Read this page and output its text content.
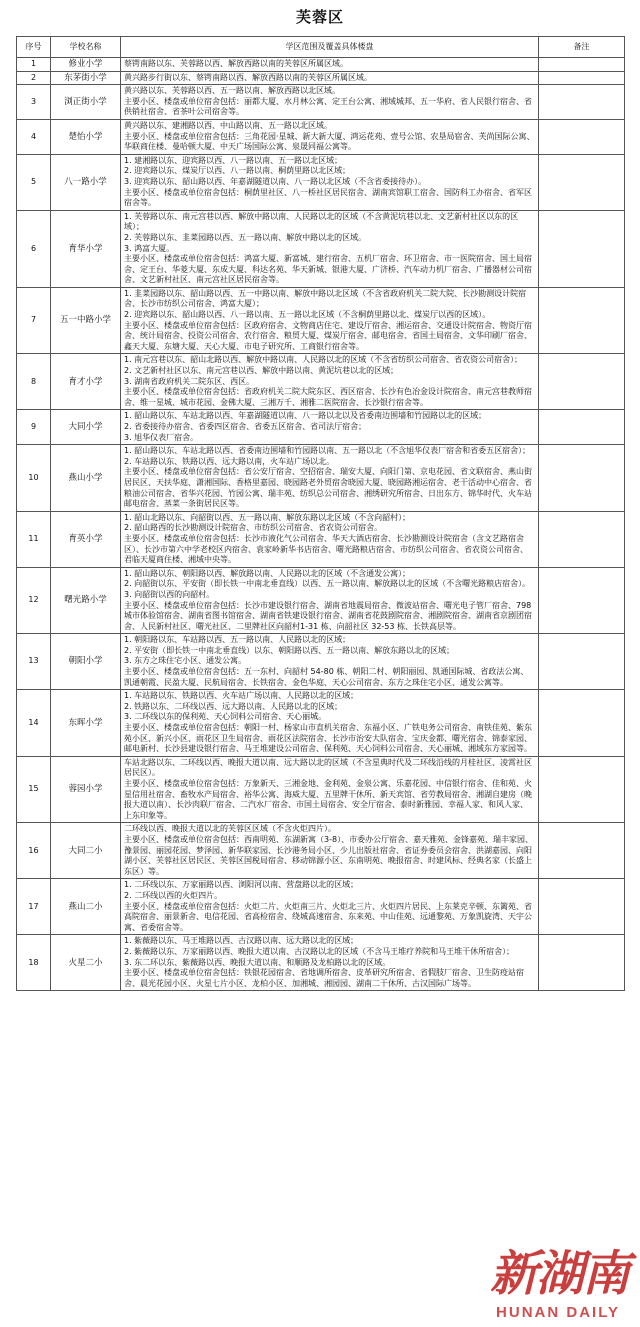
芙蓉区
序号	学校名称	学区范围及覆盖具体楼盘	备注
1	修业小学	蔡锷南路以东、芙蓉路以西、解放西路以南的芙蓉区所属区域。	

2	东茅街小学	黄兴路步行街以东、蔡锷南路以西、解放西路以南的芙蓉区所属区域。	

3	浏正街小学	黄兴路以东、芙蓉路以西、五一路以南、解放西路以北区域。
主要小区、楼盘或单位宿舍包括：丽都大厦、水月林公寓、定王台公寓、湘域城邦、五一华府、省人民银行宿舍、省供销社宿舍、省茶叶公司宿舍等。	

4	楚怡小学	黄兴路以东、建湘路以西、中山路以南、五一路以北区域。
主要小区、楼盘或单位宿舍包括：三角花园·星城、新大新大厦、鸿运花苑、壹号公馆、农垦局宿舍、芙尚国际公寓、华联商住楼、曼哈顿大厦、中天广场国际公寓、泉晟同福公寓等。	

5	八一路小学	1. 建湘路以东、迎宾路以西、八一路以南、五一路以北区域；
2. 迎宾路以东、煤炭厅以西、八一路以南、桐荫里路以北区域；
3. 迎宾路以东、韶山路以西、年嘉湖隧道以南、八一路以北区域（不含省委接待办）。
主要小区、楼盘或单位宿舍包括：桐荫里社区、八一桥社区居民宿舍、湖南宾馆职工宿舍、国防科工办宿舍、省军区宿舍等。	

6	育华小学	1. 芙蓉路以东、南元宫巷以西、解放中路以南、人民路以北的区域（不含黄泥坑巷以北、文艺新村社区以东的区域）；
2. 芙蓉路以东、韭菜园路以西、五一路以南、解放中路以北的区域。
3. 鸿富大厦。
主要小区、楼盘或单位宿舍包括：鸿富大厦、新富城、建行宿舍、五机厂宿舍、环卫宿舍、市一医院宿舍、国土局宿舍、定王台、华菱大厦、东成大厦、科达名苑、华天新城、银港大厦、广济桥、汽车动力机厂宿舍、广播器材公司宿舍、文艺新村社区、南元宫社区居民宿舍等。	

7	五一中路小学	1. 韭菜园路以东、韶山路以西、五一中路以南、解放中路以北区域（不含省政府机关二院大院、长沙勘测设计院宿舍、长沙市纺织公司宿舍、鸿富大厦）；
2. 迎宾路以东、韶山路以西、八一路以南、五一路以北区域（不含桐荫里路以北、煤炭厅以西的区域）。
主要小区、楼盘或单位宿舍包括：区政府宿舍、文物商店住宅、建设厅宿舍、湘运宿舍、交通设计院宿舍、物资厅宿舍、统计局宿舍、投资公司宿舍、农行宿舍、粮贸大厦、煤炭厅宿舍、邮电宿舍、省国土局宿舍、文华印刷厂宿舍、鑫天大厦、东塘大厦、天心大厦、市电子研究所、工商银行宿舍等。	

8	育才小学	1. 南元宫巷以东、韶山北路以西、解放中路以南、人民路以北的区域（不含省纺织公司宿舍、省农资公司宿舍）；
2. 文艺新村社区以东、南元宫巷以西、解放中路以南、黄泥坑巷以北的区域；
3. 湖南省政府机关二院东区、西区。
主要小区、楼盘或单位宿舍包括：省政府机关二院大院东区、西区宿舍、长沙有色冶金设计院宿舍、南元宫巷教师宿舍、维一星城、城市花园、金佛大厦、三湘万千、湘雅二医院宿舍、长沙银行宿舍等。	

9	大同小学	1. 韶山路以东、车站北路以西、年嘉湖隧道以南、八一路以北以及省委南边围墙和竹园路以北的区域；
2. 省委接待办宿舍、省委四区宿舍、省委五区宿舍、省司法厅宿舍；
3. 旭华仪表厂宿舍。	

10	燕山小学	1. 韶山路以东、车站北路以西、省委南边围墙和竹园路以南、五一路以北（不含旭华仪表厂宿舍和省委五区宿舍）；
2. 车站路以东、铁路以西、远大路以南，火车站广场以北。
主要小区、楼盘或单位宿舍包括：省公安厅宿舍、空招宿舍、瑞安大厦、向阳门第、京电花园、省文联宿舍、燕山街居民区、天扶华庭、潇湘国际、香格里嘉园、晓园路老外贸宿舍晓园大厦、晓园路湘运宿舍、老干活动中心宿舍、省粮油公司宿舍、省华兴花园、竹园公寓、瑞丰苑、纺织总公司宿舍、湘绣研究所宿舍、日出东方、锦华时代、火车站邮电宿舍、蒸菜一条街居民区等。	

11	育英小学	1. 韶山北路以东、向韶街以西、五一路以南、解放东路以北区域（不含向韶村）；
2. 韶山路西的长沙勘测设计院宿舍、市纺织公司宿舍、省农资公司宿舍。
主要小区、楼盘或单位宿舍包括：长沙市液化气公司宿舍、华天大酒店宿舍、长沙勘测设计院宿舍（含文艺路宿舍区）、长沙市第六中学老校区内宿舍、袁家岭新华书店宿舍、曙光路粮店宿舍、市纺织公司宿舍、省农资公司宿舍、君临天厦商住楼、湘域中央等。	

12	曙光路小学	1. 韶山路以东、朝阳路以西、解放路以南、人民路以北的区域（不含通发公寓）；
2. 向韶街以东、平安街（即长铁一中南北垂直线）以西、五一路以南、解放路以北的区域（不含曙光路粮店宿舍）。
3. 向韶街以西的向韶村。
主要小区、楼盘或单位宿舍包括：长沙市建设银行宿舍、湖南省地震局宿舍、微波站宿舍、曙光电子管厂宿舍、798 城市体验馆宿舍、湖南省图书馆宿舍、湖南省铁建设银行宿舍、湖南省花鼓剧院宿舍、湘剧院宿舍、湖南省京剧团宿舍、人民新村社区、曙光社区、二里牌社区向韶村1-31 栋、向韶社区 32-53 栋、长铁高层等。	

13	朝阳小学	1. 朝阳路以东、车站路以西、五一路以南、人民路以北的区域；
2. 平安街（即长铁一中南北垂直线）以东、朝阳路以西、五一路以南、解放东路以北的区域；
3. 东方之珠住宅小区、通发公寓。
主要小区、楼盘或单位宿舍包括：五一东村、向韶村 54-80 栋、朝阳二村、朝阳丽园、凯通国际城、省政法公寓、凯通朝霞、民盈大厦、民航局宿舍、长铁宿舍、金色华庭、天心公司宿舍、东方之珠住宅小区、通发公寓等。	

14	东晖小学	1. 车站路以东、铁路以西、火车站广场以南、人民路以北的区域；
2. 铁路以东、二环线以西、远大路以南、人民路以北的区域；
3. 二环线以东的保利苑、天心饲料公司宿舍、天心丽城。
主要小区、楼盘或单位宿舍包括：朝阳一村、杨家山市直机关宿舍、东福小区、广铁电务公司宿舍、南铁佳苑、紫东苑小区、新兴小区、雨花区卫生局宿舍、雨花区法院宿舍、长沙市治安大队宿舍、宝庆金都、曙光宿舍、锦泰家园、邮电新村、长沙县建设银行宿舍、马王堆建设公司宿舍、保利苑、天心饲料公司宿舍、天心丽城、湘域东方家园等。	

15	蓉园小学	车站北路以东、二环线以西、晚报大道以南、远大路以北的区域（不含星典时代及二环线沿线的月桂社区、凌霄社区居民区）。
主要小区、楼盘或单位宿舍包括：万象新天、三湘金地、金利苑、金泉公寓、乐嘉花园、中信银行宿舍、佳和苑、火星信用社宿舍、畜牧水产局宿舍、裕华公寓、海威大厦、五里牌干休所、新天宾馆、省劳教局宿舍、湘湖自建房（晚报大道以南）、长沙肉联厂宿舍、二汽水厂宿舍、市国土局宿舍、安全厅宿舍、泰时新雅园、幸福人家、和风人家、上东印象等。	

16	大同二小	二环线以西、晚报大道以北的芙蓉区区域（不含火炬四片）。
主要小区、楼盘或单位宿舍包括：西南明苑、东湖新寓（3-8）、市委办公厅宿舍、嘉天雅苑、金锋嘉苑、瑞丰家园、豫景园、丽园花园、梦泽园、新华联家园、长沙港务局小区、少儿出版社宿舍、省证券委员会宿舍、洪湖嘉园、向阳湖小区、芙蓉社区居民区、芙蓉区国税局宿舍、移动锦源小区、东南明苑、晚报宿舍、时建风标、经典名家（长盛上东区）等。	

17	燕山二小	1. 二环线以东、万家丽路以西、浏阳河以南、营盘路以北的区域；
2. 二环线以西的火炬四片。
主要小区、楼盘或单位宿舍包括：火炬二片、火炬南三片、火炬北三片、火炬四片居民、上东莱克辛顿、东篱苑、省高院宿舍、丽景新舍、电信花园、省高检宿舍、绕城高速宿舍、东来苑、中山佳苑、远通黎苑、万象凯旋湾、天宇公寓、省委宿舍等。	

18	火星二小	1. 紫薇路以东、马王堆路以西、古汉路以南、远大路以北的区域；
2. 紫薇路以东、万家丽路以西、晚报大道以南、古汉路以北的区域（不含马王堆疗养院和马王堆干休所宿舍）；
3. 东二环以东、紫薇路以西、晚报大道以南、和顺路及龙柏路以北的区域。
主要小区、楼盘或单位宿舍包括：铁银花园宿舍、省地调所宿舍、皮革研究所宿舍、省假肢厂宿舍、卫生防疫站宿舍、晨光花园小区、火星七片小区、龙柏小区、加湘城、湘园园、湖南二干休所、古汉国际广场等。	

新湖南
HUNAN DAILY
